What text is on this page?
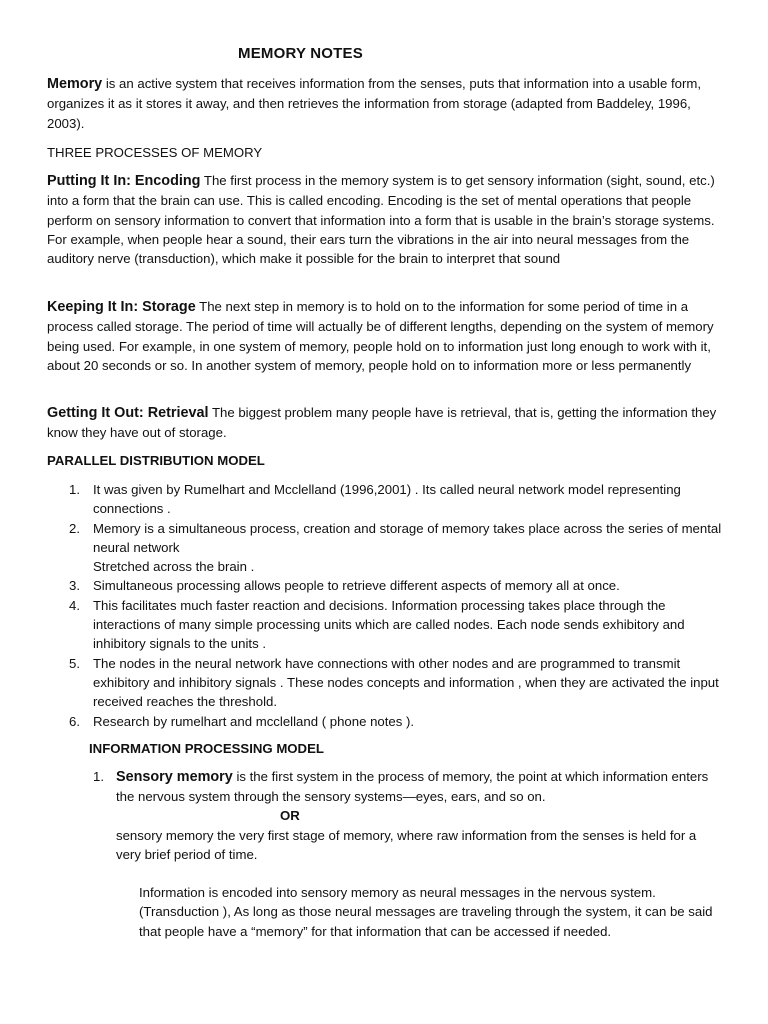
MEMORY NOTES

Memory is an active system that receives information from the senses, puts that information into a usable form, organizes it as it stores it away, and then retrieves the information from storage (adapted from Baddeley, 1996, 2003).

THREE PROCESSES OF MEMORY

Putting It In: Encoding The first process in the memory system is to get sensory information (sight, sound, etc.) into a form that the brain can use. This is called encoding. Encoding is the set of mental operations that people perform on sensory information to convert that information into a form that is usable in the brain’s storage systems. For example, when people hear a sound, their ears turn the vibrations in the air into neural messages from the auditory nerve (transduction), which make it possible for the brain to interpret that sound

Keeping It In: Storage The next step in memory is to hold on to the information for some period of time in a process called storage. The period of time will actually be of different lengths, depending on the system of memory being used. For example, in one system of memory, people hold on to information just long enough to work with it, about 20 seconds or so. In another system of memory, people hold on to information more or less permanently

Getting It Out: Retrieval The biggest problem many people have is retrieval, that is, getting the information they know they have out of storage.

PARALLEL DISTRIBUTION MODEL

1. It was given by Rumelhart and Mcclelland (1996,2001) . Its called neural network model representing connections .
2. Memory is a simultaneous process, creation and storage of memory takes place across the series of mental neural network
Stretched across the brain .
3. Simultaneous processing allows people to retrieve different aspects of memory all at once.
4. This facilitates much faster reaction and decisions. Information processing takes place through the interactions of many simple processing units which are called nodes. Each node sends exhibitory and inhibitory signals to the units .
5. The nodes in the neural network have connections with other nodes and are programmed to transmit exhibitory and inhibitory signals . These nodes concepts and information , when they are activated the input received reaches the threshold.
6. Research by rumelhart and mcclelland ( phone notes ).

INFORMATION PROCESSING MODEL

1. Sensory memory is the first system in the process of memory, the point at which information enters the nervous system through the sensory systems—eyes, ears, and so on.

OR

sensory memory the very first stage of memory, where raw information from the senses is held for a very brief period of time.

Information is encoded into sensory memory as neural messages in the nervous system. (Transduction ), As long as those neural messages are traveling through the system, it can be said that people have a “memory” for that information that can be accessed if needed.
